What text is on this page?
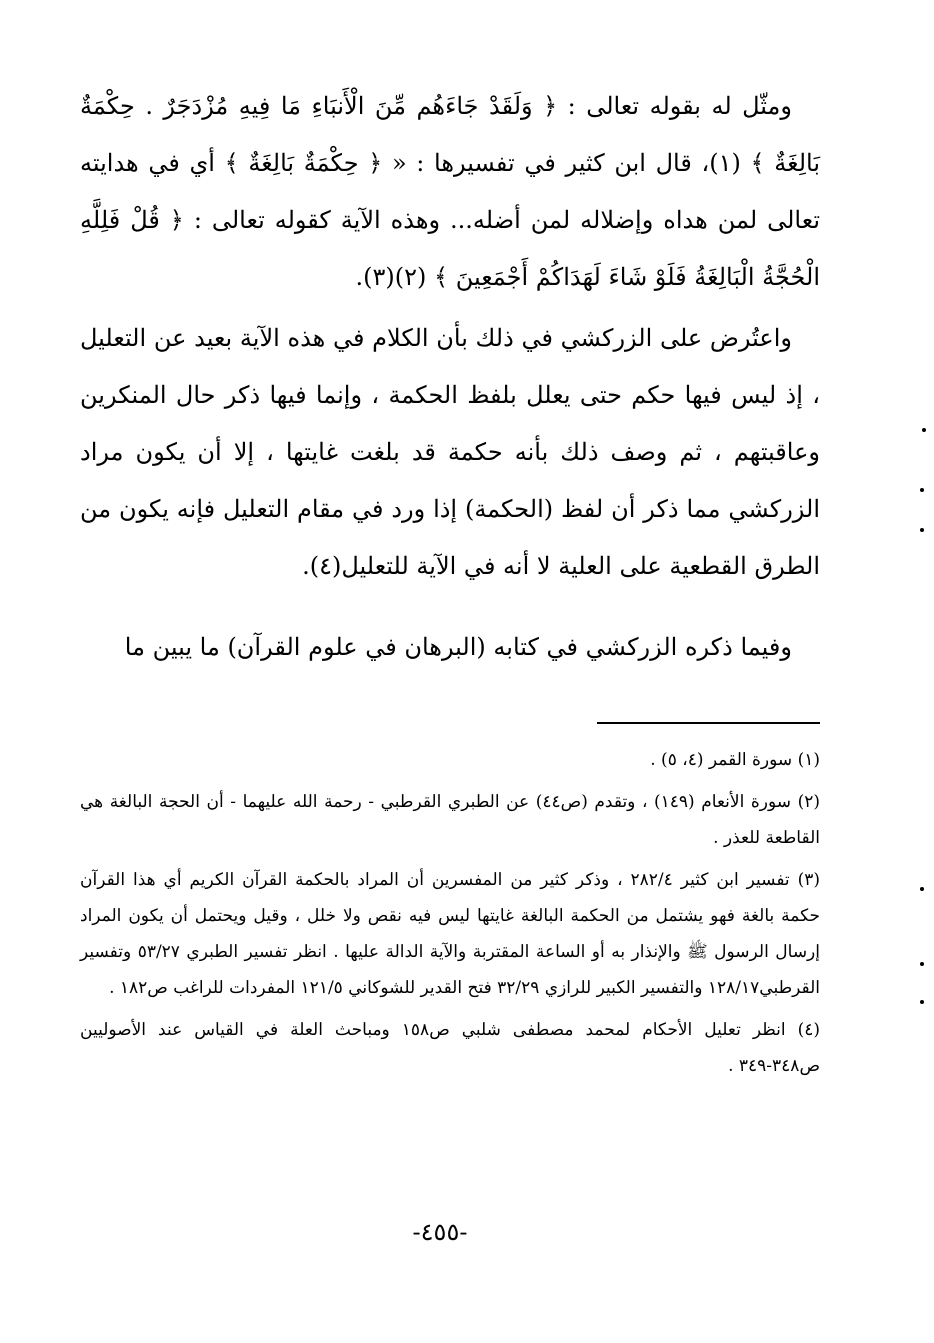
ومثّل له بقوله تعالى : ﴿ وَلَقَدْ جَاءَهُم مِّنَ الْأَنبَاءِ مَا فِيهِ مُزْدَجَرٌ . حِكْمَةٌ بَالِغَةٌ ﴾ (١)، قال ابن كثير في تفسيرها : « ﴿ حِكْمَةٌ بَالِغَةٌ ﴾ أي في هدايته تعالى لمن هداه وإضلاله لمن أضله... وهذه الآية كقوله تعالى : ﴿ قُلْ فَلِلَّهِ الْحُجَّةُ الْبَالِغَةُ فَلَوْ شَاءَ لَهَدَاكُمْ أَجْمَعِينَ ﴾ (٢)(٣).

واعتُرض على الزركشي في ذلك بأن الكلام في هذه الآية بعيد عن التعليل ، إذ ليس فيها حكم حتى يعلل بلفظ الحكمة ، وإنما فيها ذكر حال المنكرين وعاقبتهم ، ثم وصف ذلك بأنه حكمة قد بلغت غايتها ، إلا أن يكون مراد الزركشي مما ذكر أن لفظ (الحكمة) إذا ورد في مقام التعليل فإنه يكون من الطرق القطعية على العلية لا أنه في الآية للتعليل(٤).

وفيما ذكره الزركشي في كتابه (البرهان في علوم القرآن) ما يبين ما

(١) سورة القمر (٤، ٥) .

(٢) سورة الأنعام (١٤٩) ، وتقدم (ص٤٤) عن الطبري القرطبي - رحمة الله عليهما - أن الحجة البالغة هي القاطعة للعذر .

(٣) تفسير ابن كثير ٢٨٢/٤ ، وذكر كثير من المفسرين أن المراد بالحكمة القرآن الكريم أي هذا القرآن حكمة بالغة فهو يشتمل من الحكمة البالغة غايتها ليس فيه نقص ولا خلل ، وقيل ويحتمل أن يكون المراد إرسال الرسول ﷺ والإنذار به أو الساعة المقتربة والآية الدالة عليها . انظر تفسير الطبري ٥٣/٢٧ وتفسير القرطبي١٢٨/١٧ والتفسير الكبير للرازي ٣٢/٢٩ فتح القدير للشوكاني ١٢١/٥ المفردات للراغب ص١٨٢ .

(٤) انظر تعليل الأحكام لمحمد مصطفى شلبي ص١٥٨ ومباحث العلة في القياس عند الأصوليين ص٣٤٨-٣٤٩ .

-٤٥٥-
